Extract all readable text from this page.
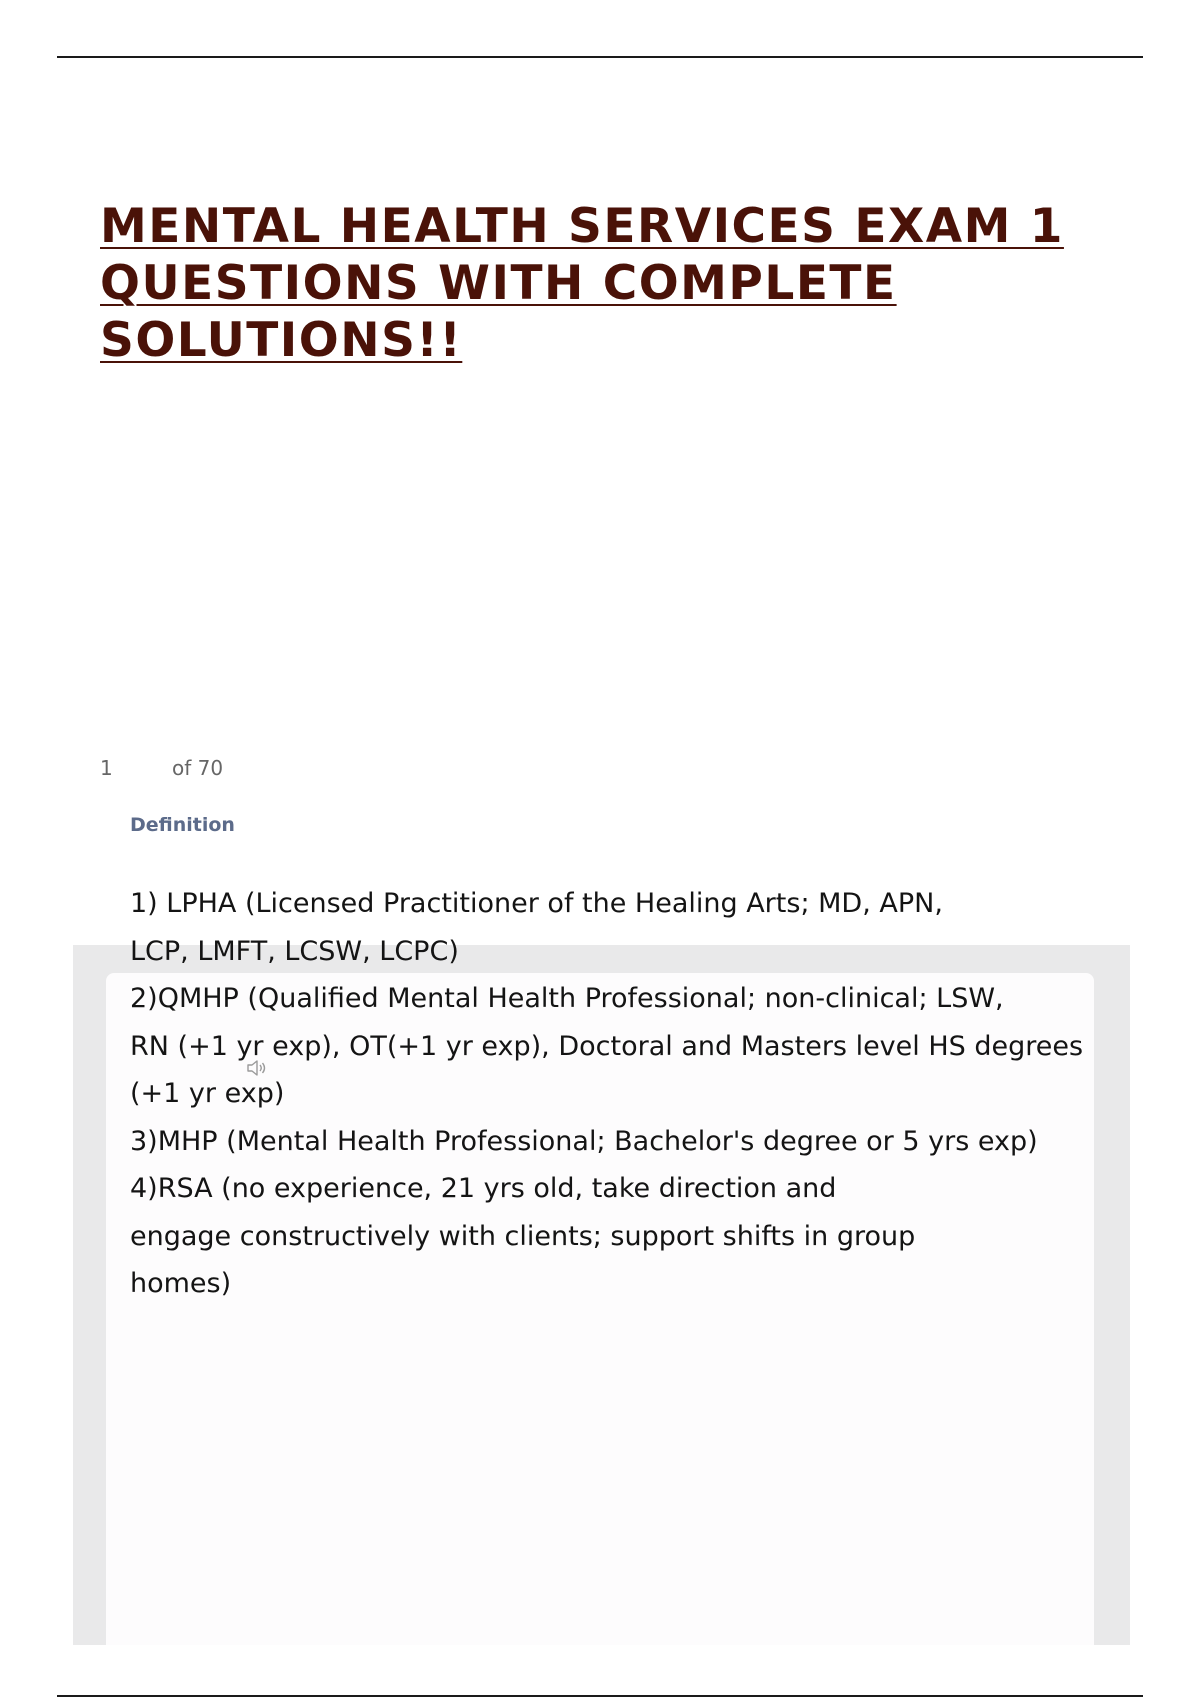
MENTAL HEALTH SERVICES EXAM 1
QUESTIONS WITH COMPLETE
SOLUTIONS!!
1	of 70
Definition
1) LPHA (Licensed Practitioner of the Healing Arts; MD, APN,
LCP, LMFT, LCSW, LCPC)
2)QMHP (Qualified Mental Health Professional; non-clinical; LSW,
RN (+1 yr exp), OT(+1 yr exp), Doctoral and Masters level HS degrees
(+1 yr exp)
3)MHP (Mental Health Professional; Bachelor's degree or 5 yrs exp)
4)RSA (no experience, 21 yrs old, take direction and
engage constructively with clients; support shifts in group
homes)
